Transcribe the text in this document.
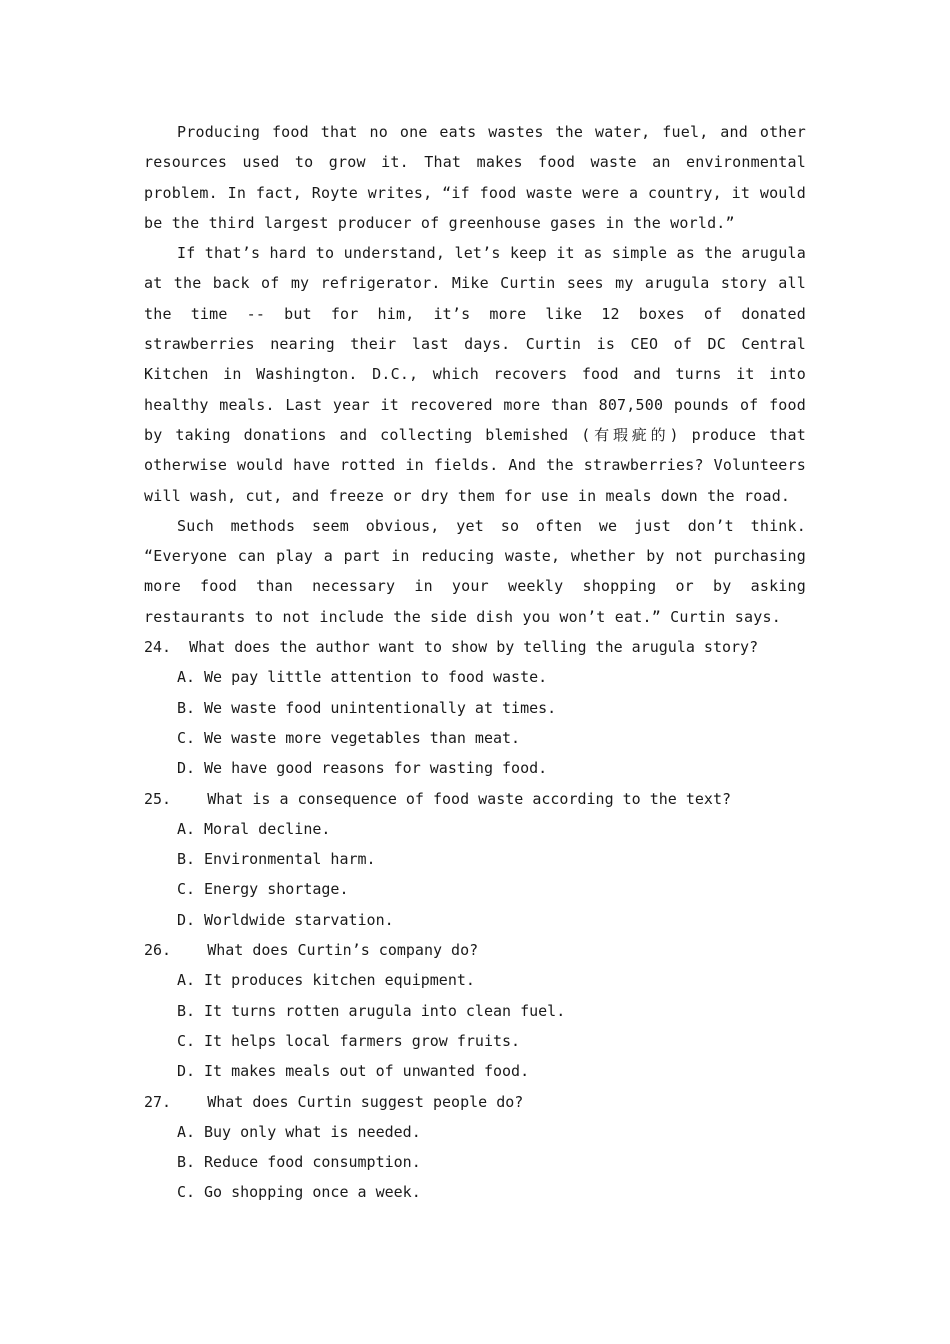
Producing food that no one eats wastes the water, fuel, and other resources used to grow it. That makes food waste an environmental problem. In fact, Royte writes, “if food waste were a country, it would be the third largest producer of greenhouse gases in the world.”

If that’s hard to understand, let’s keep it as simple as the arugula at the back of my refrigerator. Mike Curtin sees my arugula story all the time -- but for him, it’s more like 12 boxes of donated strawberries nearing their last days. Curtin is CEO of DC Central Kitchen in Washington. D.C., which recovers food and turns it into healthy meals. Last year it recovered more than 807,500 pounds of food by taking donations and collecting blemished (有瑕疵的) produce that otherwise would have rotted in fields. And the strawberries? Volunteers will wash, cut, and freeze or dry them for use in meals down the road.

Such methods seem obvious, yet so often we just don’t think. “Everyone can play a part in reducing waste, whether by not purchasing more food than necessary in your weekly shopping or by asking restaurants to not include the side dish you won’t eat.” Curtin says.

24. What does the author want to show by telling the arugula story?

A. We pay little attention to food waste.

B. We waste food unintentionally at times.

C. We waste more vegetables than meat.

D. We have good reasons for wasting food.

25. What is a consequence of food waste according to the text?

A. Moral decline.

B. Environmental harm.

C. Energy shortage.

D. Worldwide starvation.

26. What does Curtin’s company do?

A. It produces kitchen equipment.

B. It turns rotten arugula into clean fuel.

C. It helps local farmers grow fruits.

D. It makes meals out of unwanted food.

27. What does Curtin suggest people do?

A. Buy only what is needed.

B. Reduce food consumption.

C. Go shopping once a week.
